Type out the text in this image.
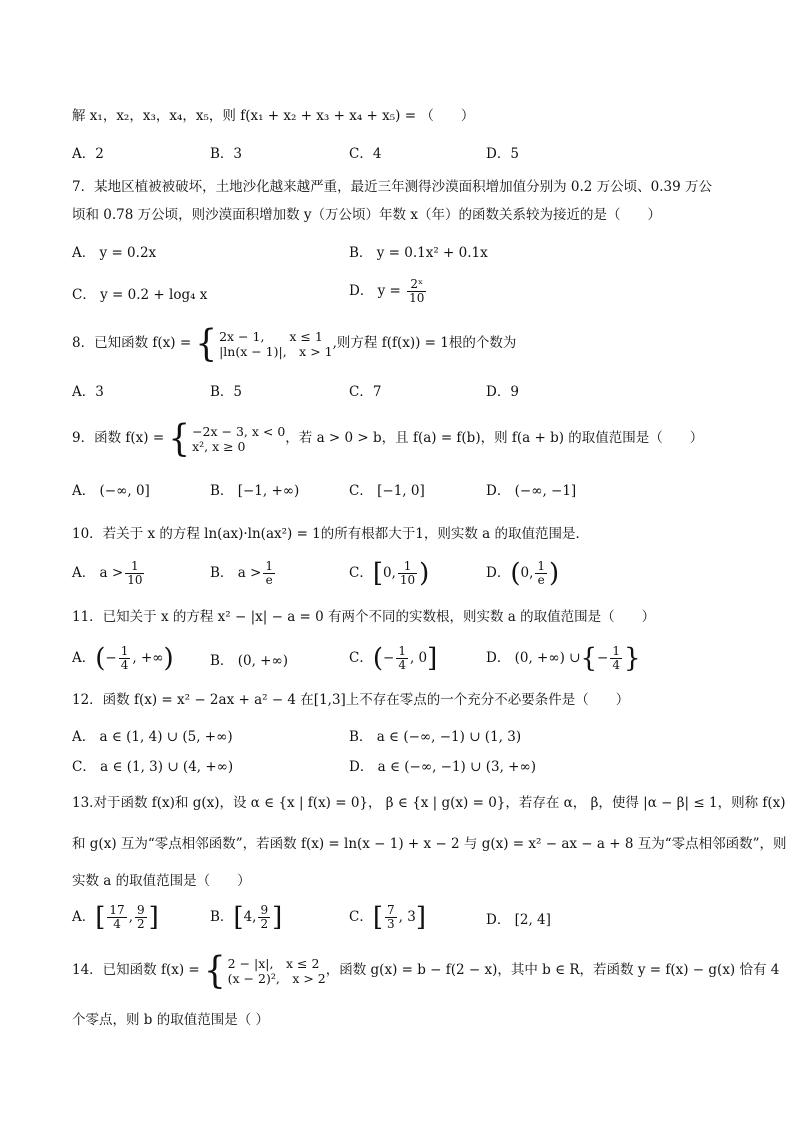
解 x₁，x₂，x₃，x₄，x₅，则 f(x₁ + x₂ + x₃ + x₄ + x₅) = （　　）
A．2	B．3	C．4	D．5
7．某地区植被被破坏，土地沙化越来越严重，最近三年测得沙漠面积增加值分别为 0.2 万公顷、0.39 万公
顷和 0.78 万公顷，则沙漠面积增加数 y（万公顷）年数 x（年）的函数关系较为接近的是（　　）
A． y = 0.2x	B． y = 0.1x² + 0.1x
C． y = 0.2 + log₄ x	D． $y = \frac{\text{2ˣ}}{10}$
8．已知函数 f(x) = { 2x − 1,　　x ≤ 1
|ln(x − 1)|,　x > 1 ,则方程 f(f(x)) = 1根的个数为
A．3	B．5	C．7	D．9
9．函数 f(x) = { −2x − 3, x < 0
x², x ≥ 0	，若 a > 0 > b，且 f(a) = f(b)，则 f(a + b) 的取值范围是（　　）
A． (−∞, 0]	B． [−1, +∞)	C． [−1, 0]	D． (−∞, −1]
10．若关于 x 的方程 ln(ax)·ln(ax²) = 1的所有根都大于1，则实数 a 的取值范围是．
A． $a > \frac{1}{10}$	B． $a > \frac{1}{e}$	C．[0, $\frac{1}{10}$ )	D．(0, $\frac{1}{e}$ )
11．已知关于 x 的方程 x² − |x| − a = 0 有两个不同的实数根，则实数 a 的取值范围是（　　）
A．(− $\frac{1}{4}$ , +∞)	B． (0, +∞)	C．(− $\frac{1}{4}$ , 0]	D． (0, +∞) ∪{− $\frac{1}{4}$ }
12．函数 f(x) = x² − 2ax + a² − 4 在[1,3]上不存在零点的一个充分不必要条件是（　　）
A． a ∈ (1, 4) ∪ (5, +∞)	B． a ∈ (−∞, −1) ∪ (1, 3)
C． a ∈ (1, 3) ∪ (4, +∞)	D． a ∈ (−∞, −1) ∪ (3, +∞)
13.对于函数 f(x)和 g(x)，设 α ∈ {x | f(x) = 0}， β ∈ {x | g(x) = 0}，若存在 α， β，使得 |α − β| ≤ 1，则称 f(x)
和 g(x) 互为“零点相邻函数”，若函数 f(x) = ln(x − 1) + x − 2 与 g(x) = x² − ax − a + 8 互为“零点相邻函数”，则
实数 a 的取值范围是（　　）
A．[ $\frac{17}{4}$ , $\frac{9}{2}$ ]	B．[4, $\frac{9}{2}$ ]	C．[ $\frac{7}{3}$ , 3]	D． [2, 4]
14．已知函数 f(x) = { 2 − |x|,　x ≤ 2
(x − 2)²,　x > 2 ，函数 g(x) = b − f(2 − x)，其中 b ∈ R，若函数 y = f(x) − g(x) 恰有 4
个零点，则 b 的取值范围是（ ）
